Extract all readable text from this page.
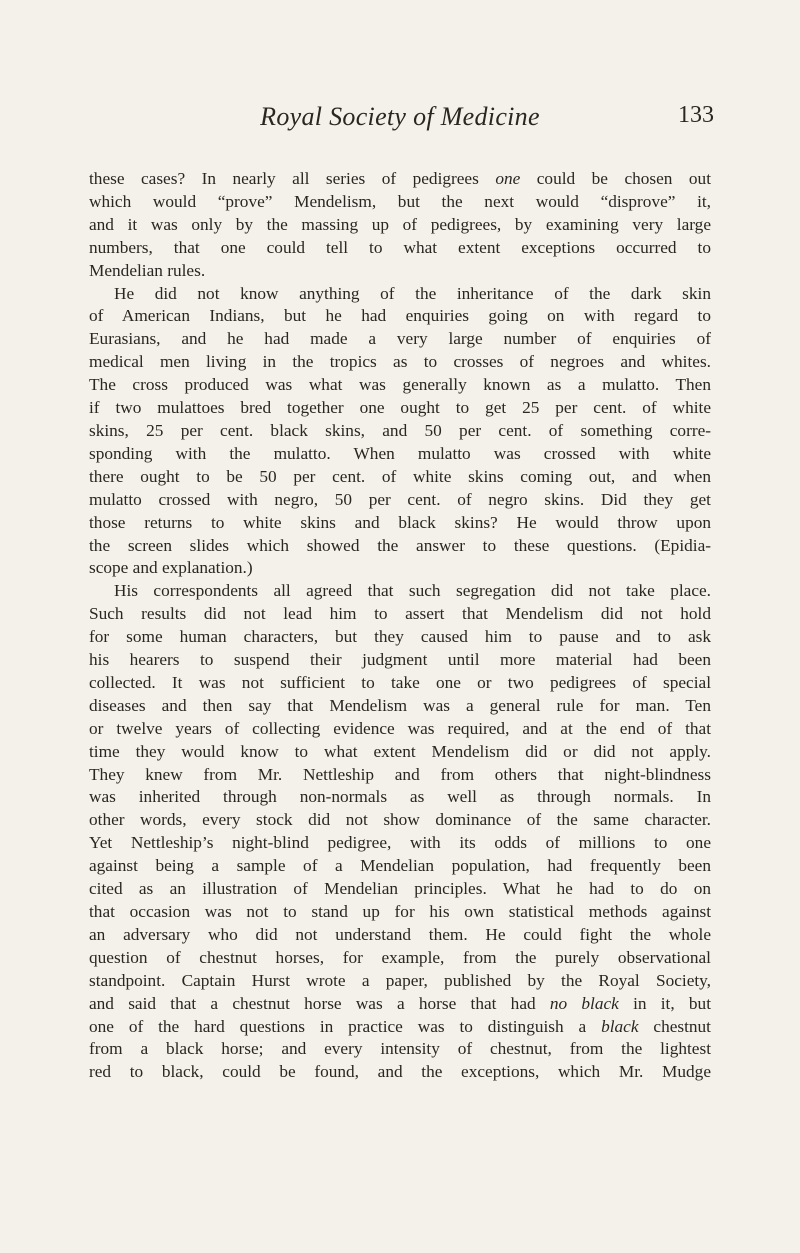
Royal Society of Medicine	133
these cases? In nearly all series of pedigrees one could be chosen out
which would “prove” Mendelism, but the next would “disprove” it,
and it was only by the massing up of pedigrees, by examining very large
numbers, that one could tell to what extent exceptions occurred to
Mendelian rules.
He did not know anything of the inheritance of the dark skin
of American Indians, but he had enquiries going on with regard to
Eurasians, and he had made a very large number of enquiries of
medical men living in the tropics as to crosses of negroes and whites.
The cross produced was what was generally known as a mulatto. Then
if two mulattoes bred together one ought to get 25 per cent. of white
skins, 25 per cent. black skins, and 50 per cent. of something corre-
sponding with the mulatto. When mulatto was crossed with white
there ought to be 50 per cent. of white skins coming out, and when
mulatto crossed with negro, 50 per cent. of negro skins. Did they get
those returns to white skins and black skins? He would throw upon
the screen slides which showed the answer to these questions. (Epidia-
scope and explanation.)
His correspondents all agreed that such segregation did not take place.
Such results did not lead him to assert that Mendelism did not hold
for some human characters, but they caused him to pause and to ask
his hearers to suspend their judgment until more material had been
collected. It was not sufficient to take one or two pedigrees of special
diseases and then say that Mendelism was a general rule for man. Ten
or twelve years of collecting evidence was required, and at the end of that
time they would know to what extent Mendelism did or did not apply.
They knew from Mr. Nettleship and from others that night-blindness
was inherited through non-normals as well as through normals. In
other words, every stock did not show dominance of the same character.
Yet Nettleship’s night-blind pedigree, with its odds of millions to one
against being a sample of a Mendelian population, had frequently been
cited as an illustration of Mendelian principles. What he had to do on
that occasion was not to stand up for his own statistical methods against
an adversary who did not understand them. He could fight the whole
question of chestnut horses, for example, from the purely observational
standpoint. Captain Hurst wrote a paper, published by the Royal Society,
and said that a chestnut horse was a horse that had no black in it, but
one of the hard questions in practice was to distinguish a black chestnut
from a black horse; and every intensity of chestnut, from the lightest
red to black, could be found, and the exceptions, which Mr. Mudge
